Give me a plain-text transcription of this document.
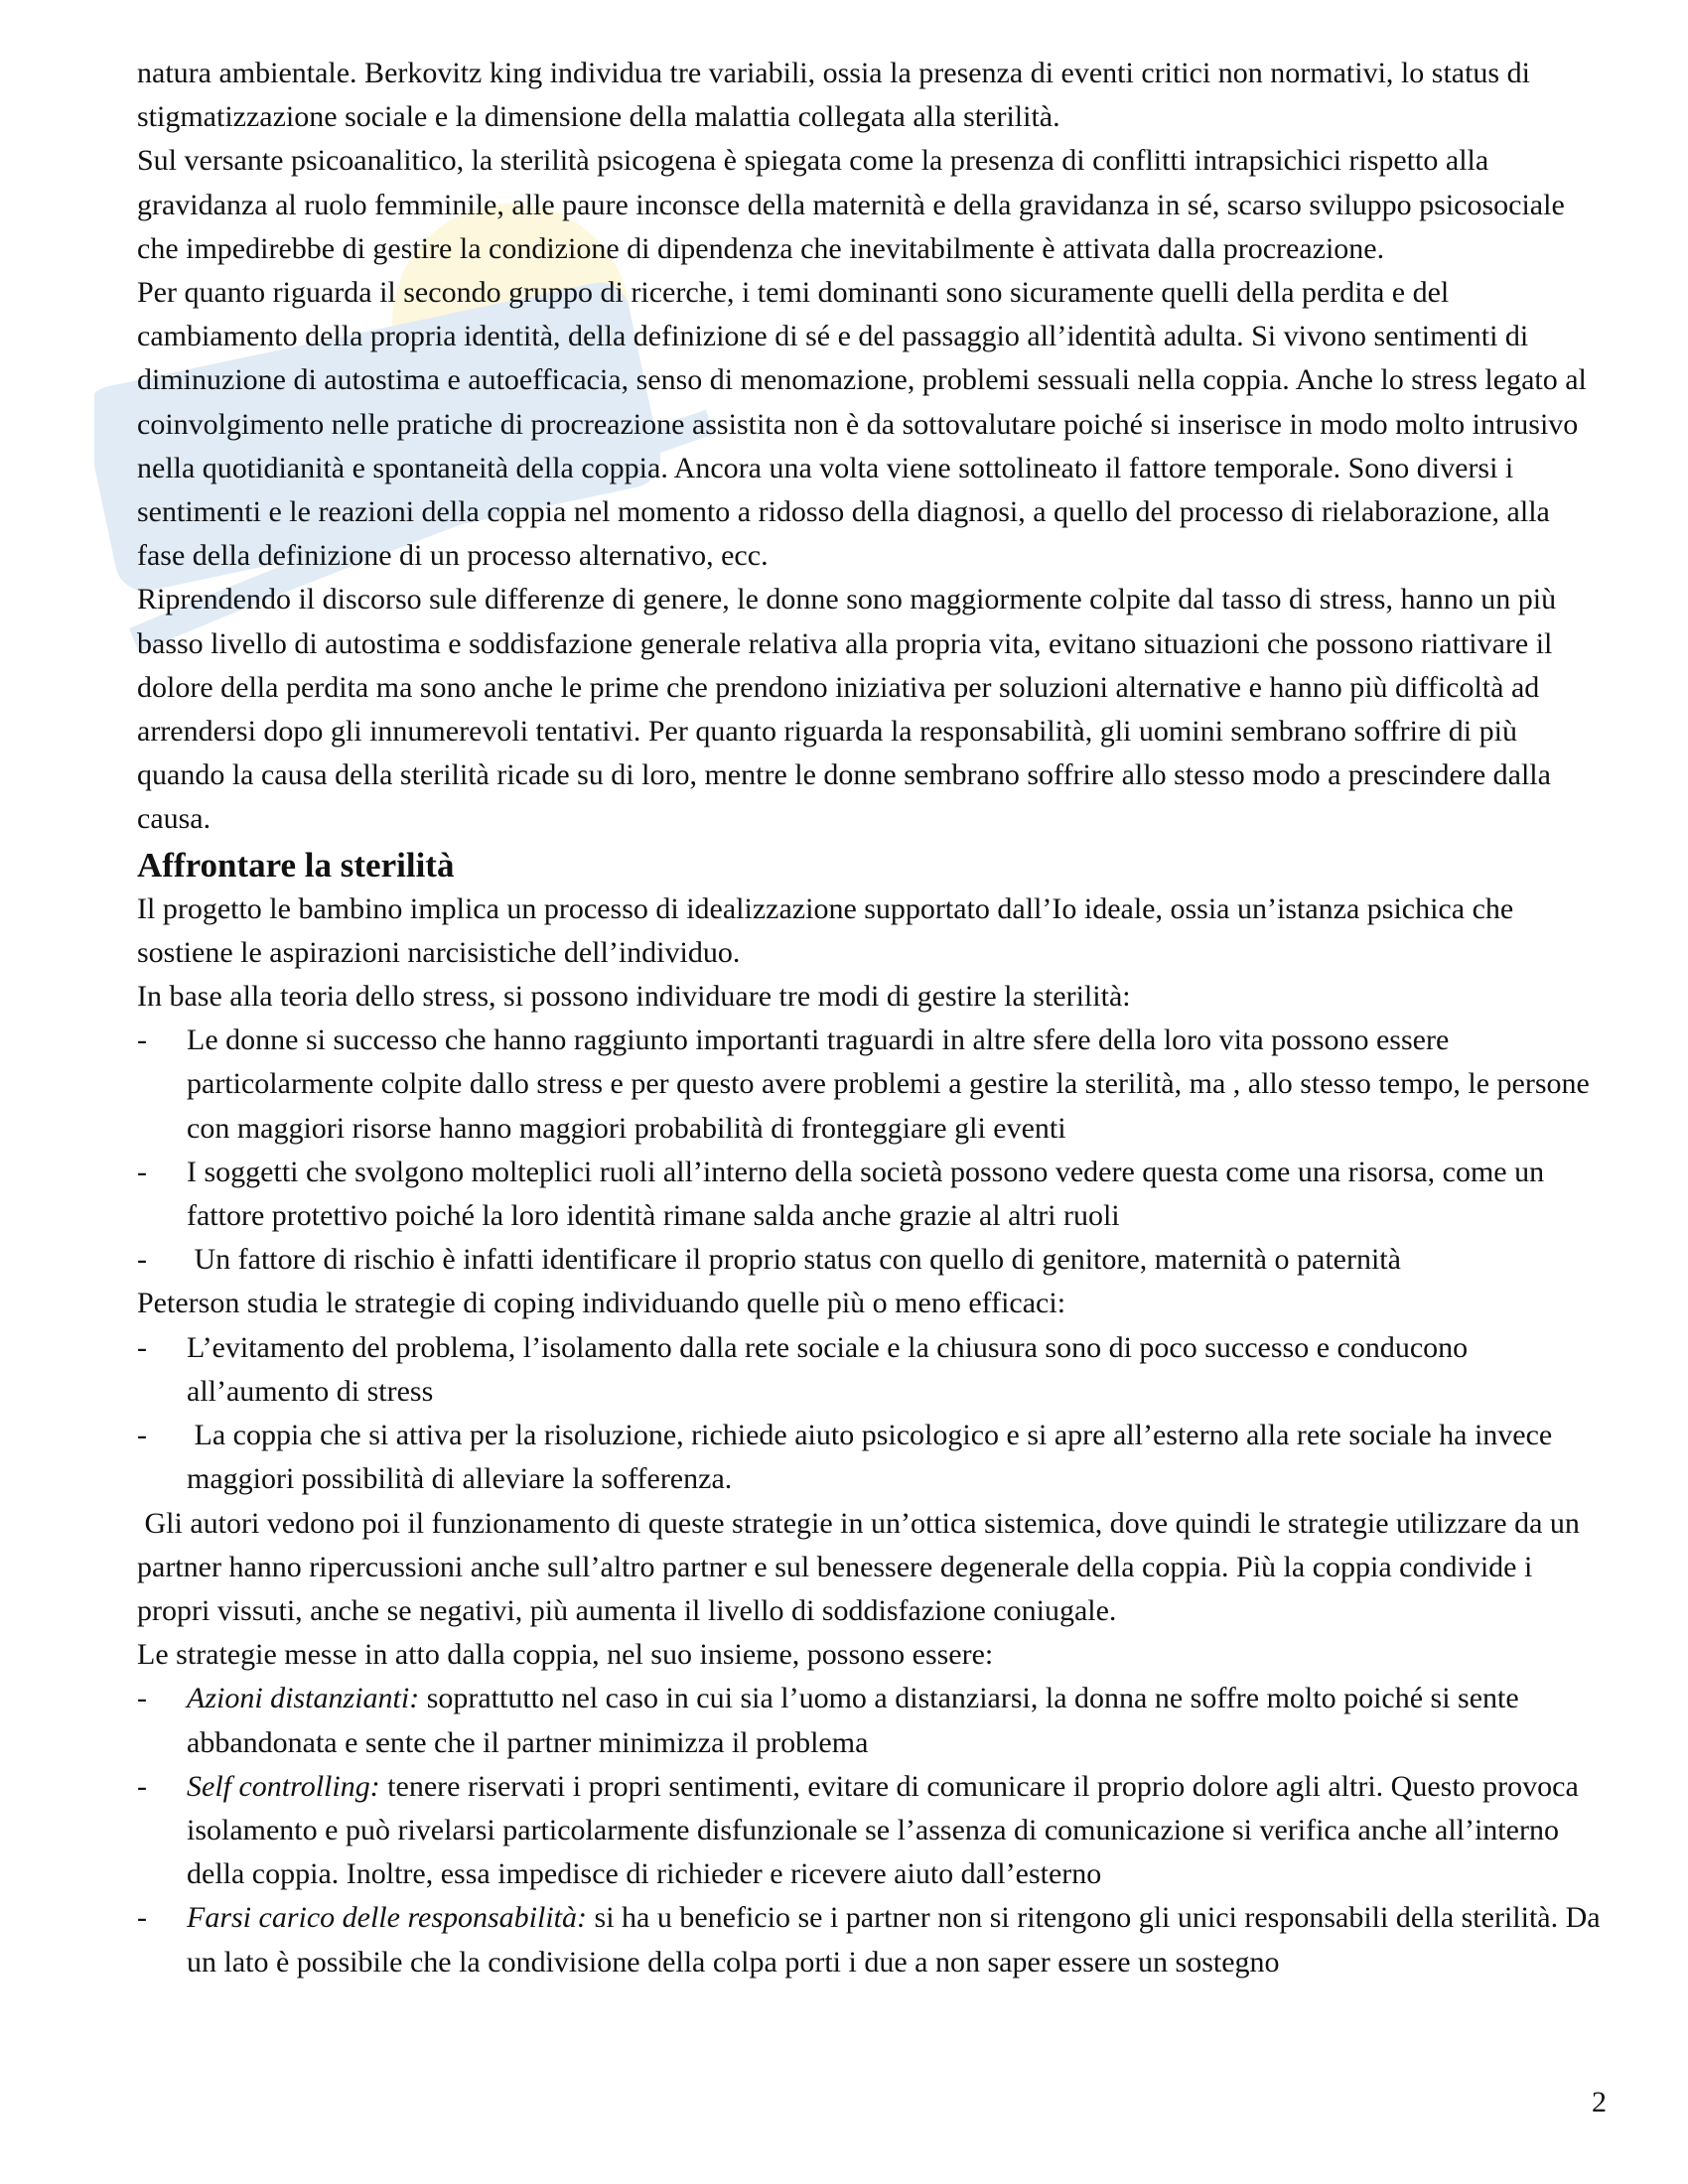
natura ambientale. Berkovitz king individua tre variabili, ossia la presenza di eventi critici non normativi, lo status di stigmatizzazione sociale e la dimensione della malattia collegata alla sterilità.

Sul versante psicoanalitico, la sterilità psicogena è spiegata come la presenza di conflitti intrapsichici rispetto alla gravidanza al ruolo femminile, alle paure inconsce della maternità e della gravidanza in sé, scarso sviluppo psicosociale che impedirebbe di gestire la condizione di dipendenza che inevitabilmente è attivata dalla procreazione.

Per quanto riguarda il secondo gruppo di ricerche, i temi dominanti sono sicuramente quelli della perdita e del cambiamento della propria identità, della definizione di sé e del passaggio all’identità adulta. Si vivono sentimenti di diminuzione di autostima e autoefficacia, senso di menomazione, problemi sessuali nella coppia. Anche lo stress legato al coinvolgimento nelle pratiche di procreazione assistita non è da sottovalutare poiché si inserisce in modo molto intrusivo nella quotidianità e spontaneità della coppia. Ancora una volta viene sottolineato il fattore temporale. Sono diversi i sentimenti e le reazioni della coppia nel momento a ridosso della diagnosi, a quello del processo di rielaborazione, alla fase della definizione di un processo alternativo, ecc.

Riprendendo il discorso sule differenze di genere, le donne sono maggiormente colpite dal tasso di stress, hanno un più basso livello di autostima e soddisfazione generale relativa alla propria vita, evitano situazioni che possono riattivare il dolore della perdita ma sono anche le prime che prendono iniziativa per soluzioni alternative e hanno più difficoltà ad arrendersi dopo gli innumerevoli tentativi. Per quanto riguarda la responsabilità, gli uomini sembrano soffrire di più quando la causa della sterilità ricade su di loro, mentre le donne sembrano soffrire allo stesso modo a prescindere dalla causa.

Affrontare la sterilità

Il progetto le bambino implica un processo di idealizzazione supportato dall’Io ideale, ossia un’istanza psichica che sostiene le aspirazioni narcisistiche dell’individuo.

In base alla teoria dello stress, si possono individuare tre modi di gestire la sterilità:

- Le donne si successo che hanno raggiunto importanti traguardi in altre sfere della loro vita possono essere particolarmente colpite dallo stress e per questo avere problemi a gestire la sterilità, ma , allo stesso tempo, le persone con maggiori risorse hanno maggiori probabilità di fronteggiare gli eventi
- I soggetti che svolgono molteplici ruoli all’interno della società possono vedere questa come una risorsa, come un fattore protettivo poiché la loro identità rimane salda anche grazie al altri ruoli
- Un fattore di rischio è infatti identificare il proprio status con quello di genitore, maternità o paternità

Peterson studia le strategie di coping individuando quelle più o meno efficaci:

- L’evitamento del problema, l’isolamento dalla rete sociale e la chiusura sono di poco successo e conducono all’aumento di stress
- La coppia che si attiva per la risoluzione, richiede aiuto psicologico e si apre all’esterno alla rete sociale ha invece maggiori possibilità di alleviare la sofferenza.

Gli autori vedono poi il funzionamento di queste strategie in un’ottica sistemica, dove quindi le strategie utilizzare da un partner hanno ripercussioni anche sull’altro partner e sul benessere degenerale della coppia. Più la coppia condivide i propri vissuti, anche se negativi, più aumenta il livello di soddisfazione coniugale.

Le strategie messe in atto dalla coppia, nel suo insieme, possono essere:

- Azioni distanzianti: soprattutto nel caso in cui sia l’uomo a distanziarsi, la donna ne soffre molto poiché si sente abbandonata e sente che il partner minimizza il problema
- Self controlling: tenere riservati i propri sentimenti, evitare di comunicare il proprio dolore agli altri. Questo provoca isolamento e può rivelarsi particolarmente disfunzionale se l’assenza di comunicazione si verifica anche all’interno della coppia. Inoltre, essa impedisce di richieder e ricevere aiuto dall’esterno
- Farsi carico delle responsabilità: si ha u beneficio se i partner non si ritengono gli unici responsabili della sterilità. Da un lato è possibile che la condivisione della colpa porti i due a non saper essere un sostegno
2
